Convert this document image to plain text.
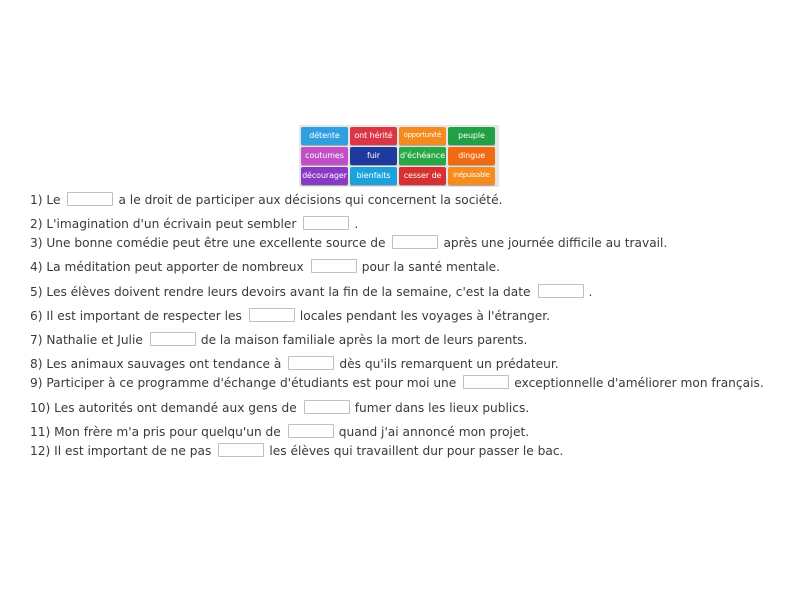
détente	ont hérité	opportunité	peuple
coutumes	fuir	d'échéance	dingue
décourager	bienfaits	cesser de	inépuisable
1) Le	a le droit de participer aux décisions qui concernent la société.
2) L'imagination d'un écrivain peut sembler	.
3) Une bonne comédie peut être une excellente source de	après une journée difficile au travail.
4) La méditation peut apporter de nombreux	pour la santé mentale.
5) Les élèves doivent rendre leurs devoirs avant la fin de la semaine, c'est la date	.
6) Il est important de respecter les	locales pendant les voyages à l'étranger.
7) Nathalie et Julie	de la maison familiale après la mort de leurs parents.
8) Les animaux sauvages ont tendance à	dès qu'ils remarquent un prédateur.
9) Participer à ce programme d'échange d'étudiants est pour moi une	exceptionnelle d'améliorer mon français.
10) Les autorités ont demandé aux gens de	fumer dans les lieux publics.
11) Mon frère m'a pris pour quelqu'un de	quand j'ai annoncé mon projet.
12) Il est important de ne pas	les élèves qui travaillent dur pour passer le bac.
